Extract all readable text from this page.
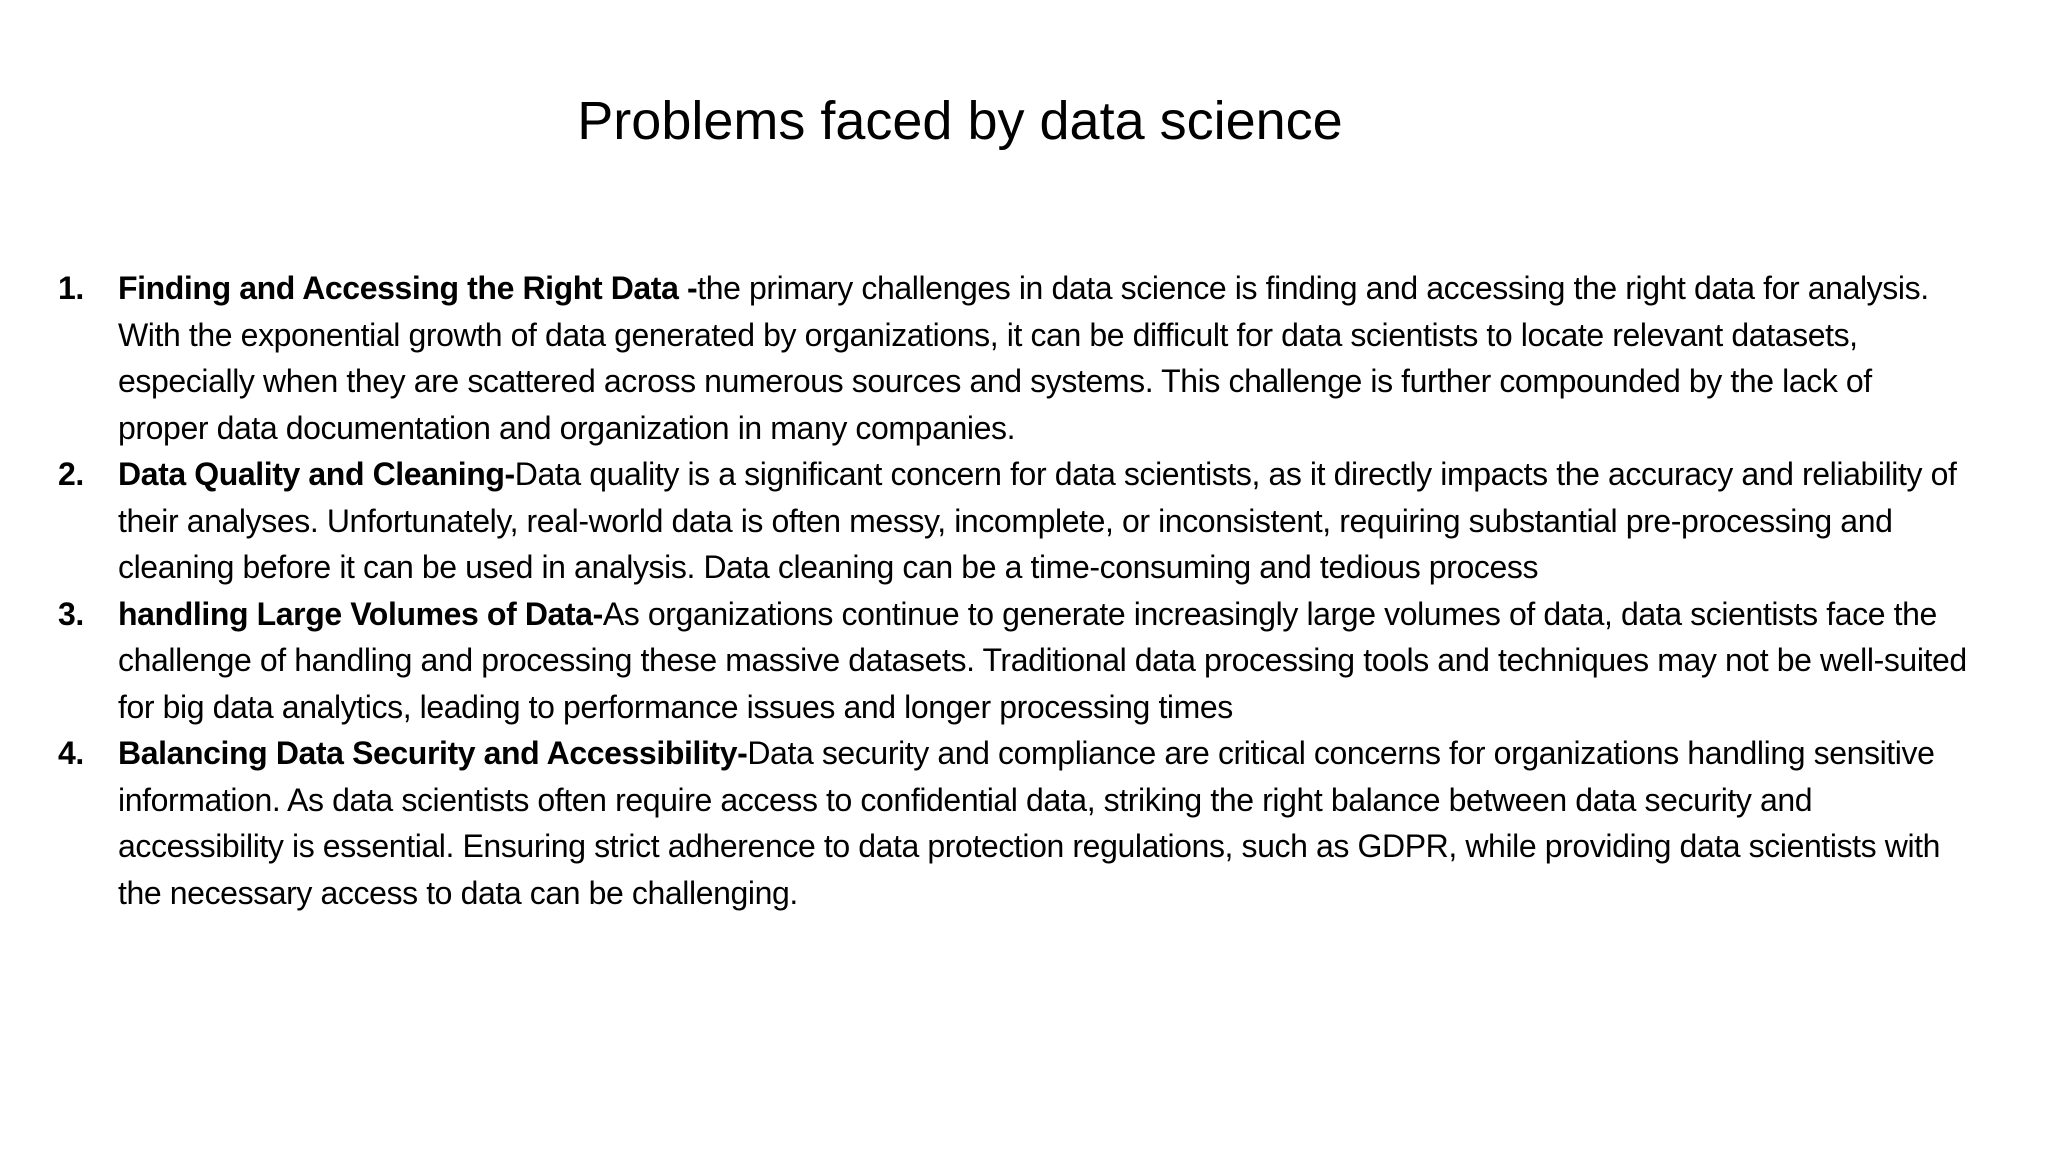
Problems faced by data science
1. Finding and Accessing the Right Data -the primary challenges in data science is finding and accessing the right data for analysis. With the exponential growth of data generated by organizations, it can be difficult for data scientists to locate relevant datasets, especially when they are scattered across numerous sources and systems. This challenge is further compounded by the lack of proper data documentation and organization in many companies.
2. Data Quality and Cleaning-Data quality is a significant concern for data scientists, as it directly impacts the accuracy and reliability of their analyses. Unfortunately, real-world data is often messy, incomplete, or inconsistent, requiring substantial pre-processing and cleaning before it can be used in analysis. Data cleaning can be a time-consuming and tedious process
3. handling Large Volumes of Data-As organizations continue to generate increasingly large volumes of data, data scientists face the challenge of handling and processing these massive datasets. Traditional data processing tools and techniques may not be well-suited for big data analytics, leading to performance issues and longer processing times
4. Balancing Data Security and Accessibility-Data security and compliance are critical concerns for organizations handling sensitive information. As data scientists often require access to confidential data, striking the right balance between data security and accessibility is essential. Ensuring strict adherence to data protection regulations, such as GDPR, while providing data scientists with the necessary access to data can be challenging.
